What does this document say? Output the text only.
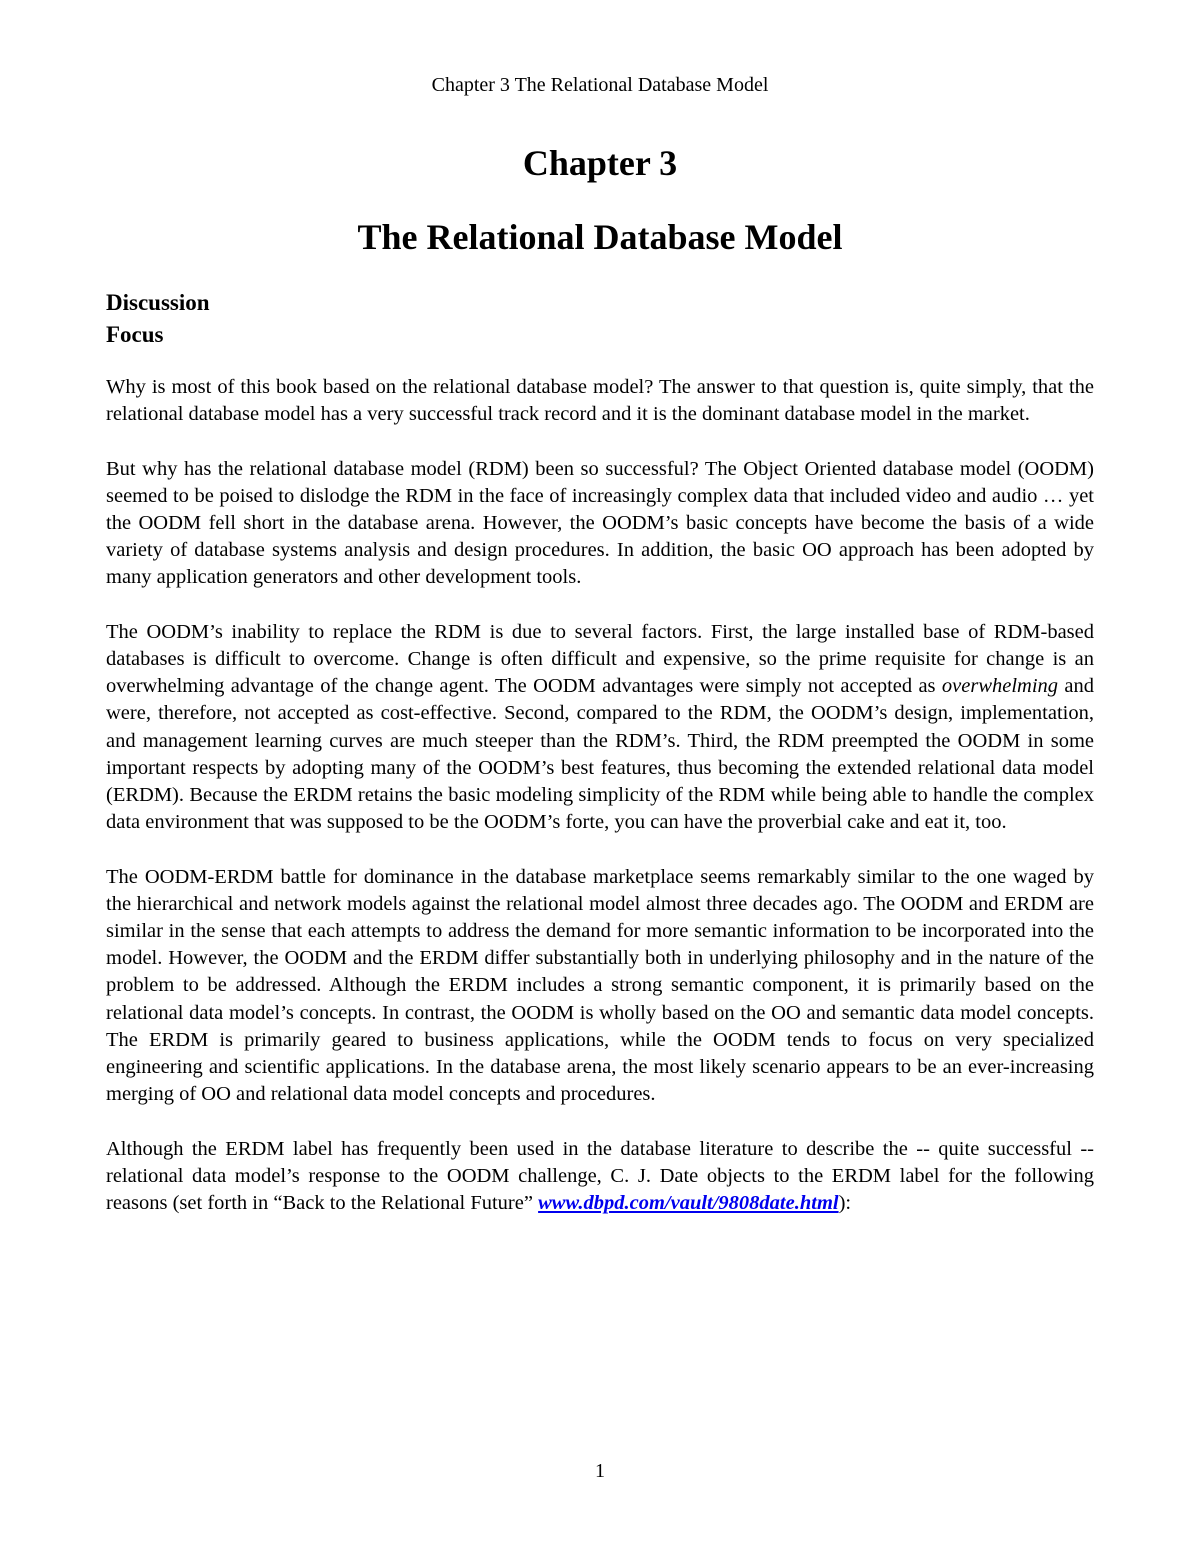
Chapter 3 The Relational Database Model
Chapter 3
The Relational Database Model
Discussion
Focus

Why is most of this book based on the relational database model? The answer to that question is, quite simply, that the relational database model has a very successful track record and it is the dominant database model in the market.

But why has the relational database model (RDM) been so successful? The Object Oriented database model (OODM) seemed to be poised to dislodge the RDM in the face of increasingly complex data that included video and audio … yet the OODM fell short in the database arena. However, the OODM’s basic concepts have become the basis of a wide variety of database systems analysis and design procedures. In addition, the basic OO approach has been adopted by many application generators and other development tools.

The OODM’s inability to replace the RDM is due to several factors. First, the large installed base of RDM-based databases is difficult to overcome. Change is often difficult and expensive, so the prime requisite for change is an overwhelming advantage of the change agent. The OODM advantages were simply not accepted as overwhelming and were, therefore, not accepted as cost-effective. Second, compared to the RDM, the OODM’s design, implementation, and management learning curves are much steeper than the RDM’s. Third, the RDM preempted the OODM in some important respects by adopting many of the OODM’s best features, thus becoming the extended relational data model (ERDM). Because the ERDM retains the basic modeling simplicity of the RDM while being able to handle the complex data environment that was supposed to be the OODM’s forte, you can have the proverbial cake and eat it, too.

The OODM-ERDM battle for dominance in the database marketplace seems remarkably similar to the one waged by the hierarchical and network models against the relational model almost three decades ago. The OODM and ERDM are similar in the sense that each attempts to address the demand for more semantic information to be incorporated into the model. However, the OODM and the ERDM differ substantially both in underlying philosophy and in the nature of the problem to be addressed. Although the ERDM includes a strong semantic component, it is primarily based on the relational data model’s concepts. In contrast, the OODM is wholly based on the OO and semantic data model concepts. The ERDM is primarily geared to business applications, while the OODM tends to focus on very specialized engineering and scientific applications. In the database arena, the most likely scenario appears to be an ever-increasing merging of OO and relational data model concepts and procedures.

Although the ERDM label has frequently been used in the database literature to describe the -- quite successful -- relational data model’s response to the OODM challenge, C. J. Date objects to the ERDM label for the following reasons (set forth in “Back to the Relational Future” www.dbpd.com/vault/9808date.html):

1
